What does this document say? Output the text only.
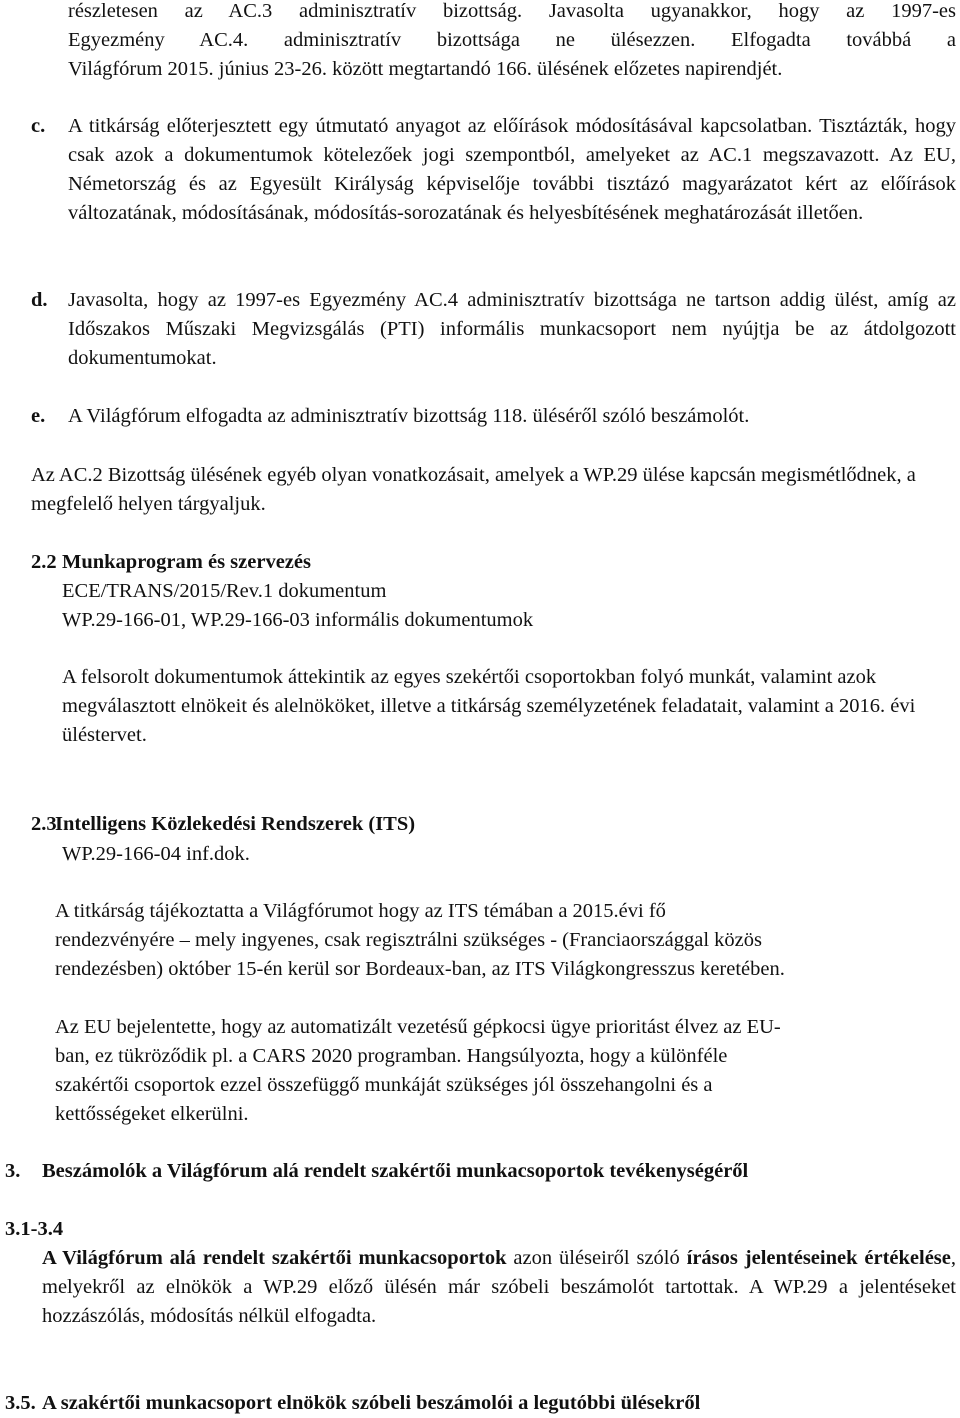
részletesen az AC.3 adminisztratív bizottság. Javasolta ugyanakkor, hogy az 1997-es
Egyezmény AC.4. adminisztratív bizottsága ne ülésezzen. Elfogadta továbbá a
Világfórum 2015. június 23-26. között megtartandó 166. ülésének előzetes napirendjét.
c. A titkárság előterjesztett egy útmutató anyagot az előírások módosításával kapcsolatban. Tisztázták, hogy csak azok a dokumentumok kötelezőek jogi szempontból, amelyeket az AC.1 megszavazott. Az EU, Németország és az Egyesült Királyság képviselője további tisztázó magyarázatot kért az előírások változatának, módosításának, módosítás-sorozatának és helyesbítésének meghatározását illetően.
d. Javasolta, hogy az 1997-es Egyezmény AC.4 adminisztratív bizottsága ne tartson addig ülést, amíg az Időszakos Műszaki Megvizsgálás (PTI) informális munkacsoport nem nyújtja be az átdolgozott dokumentumokat.
e. A Világfórum elfogadta az adminisztratív bizottság 118. üléséről szóló beszámolót.
Az AC.2 Bizottság ülésének egyéb olyan vonatkozásait, amelyek a WP.29 ülése kapcsán megismétlődnek, a megfelelő helyen tárgyaljuk.
2.2 Munkaprogram és szervezés
ECE/TRANS/2015/Rev.1 dokumentum
WP.29-166-01, WP.29-166-03 informális dokumentumok
A felsorolt dokumentumok áttekintik az egyes szekértői csoportokban folyó munkát, valamint azok megválasztott elnökeit és alelnököket, illetve a titkárság személyzetének feladatait, valamint a 2016. évi üléstervet.
2.3
Intelligens Közlekedési Rendszerek (ITS)
WP.29-166-04 inf.dok.
A titkárság tájékoztatta a Világfórumot hogy az ITS témában a 2015.évi fő
rendezvényére – mely ingyenes, csak regisztrálni szükséges - (Franciaországgal közös
rendezésben) október 15-én kerül sor Bordeaux-ban, az ITS Világkongresszus keretében.
Az EU bejelentette, hogy az automatizált vezetésű gépkocsi ügye prioritást élvez az EU-
ban, ez tükröződik pl. a CARS 2020 programban. Hangsúlyozta, hogy a különféle
szakértői csoportok ezzel összefüggő munkáját szükséges jól összehangolni és a
kettősségeket elkerülni.
3. Beszámolók a Világfórum alá rendelt szakértői munkacsoportok tevékenységéről
3.1-3.4
A Világfórum alá rendelt szakértői munkacsoportok azon üléseiről szóló írásos jelentéseinek értékelése, melyekről az elnökök a WP.29 előző ülésén már szóbeli beszámolót tartottak. A WP.29 a jelentéseket hozzászólás, módosítás nélkül elfogadta.
3.5. A szakértői munkacsoport elnökök szóbeli beszámolói a legutóbbi ülésekről
